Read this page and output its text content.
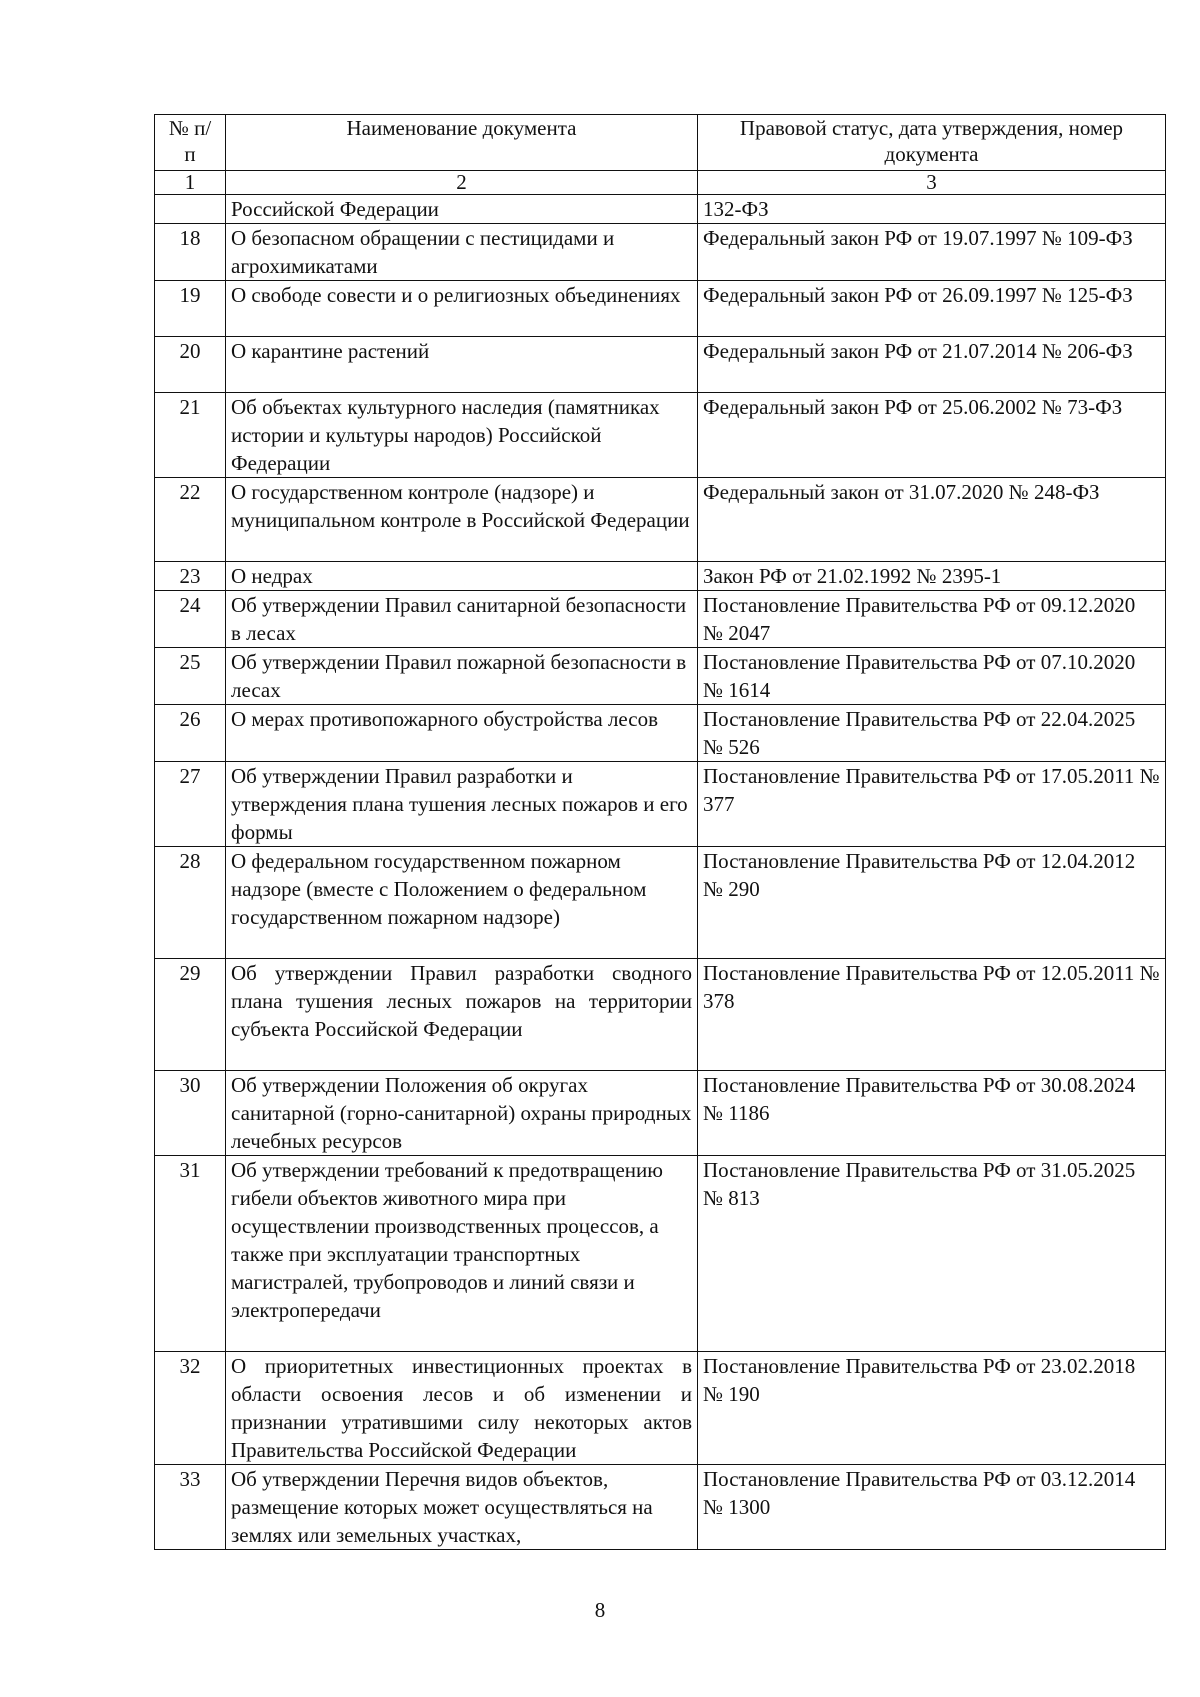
№ п/п	Наименование документа	Правовой статус, дата утверждения, номер документа
1	2	3
	Российской Федерации	132-ФЗ
18	О безопасном обращении с пестицидами и агрохимикатами	Федеральный закон РФ от 19.07.1997 № 109-ФЗ
19	О свободе совести и о религиозных объединениях	Федеральный закон РФ от 26.09.1997 № 125-ФЗ
20	О карантине растений	Федеральный закон РФ от 21.07.2014 № 206-ФЗ
21	Об объектах культурного наследия (памятниках истории и культуры народов) Российской Федерации	Федеральный закон РФ от 25.06.2002 № 73-ФЗ
22	О государственном контроле (надзоре) и муниципальном контроле в Российской Федерации	Федеральный закон от 31.07.2020 № 248-ФЗ
23	О недрах	Закон РФ от 21.02.1992 № 2395-1
24	Об утверждении Правил санитарной безопасности в лесах	Постановление Правительства РФ от 09.12.2020 № 2047
25	Об утверждении Правил пожарной безопасности в лесах	Постановление Правительства РФ от 07.10.2020 № 1614
26	О мерах противопожарного обустройства лесов	Постановление Правительства РФ от 22.04.2025 № 526
27	Об утверждении Правил разработки и утверждения плана тушения лесных пожаров и его формы	Постановление Правительства РФ от 17.05.2011 № 377
28	О федеральном государственном пожарном надзоре (вместе с Положением о федеральном государственном пожарном надзоре)	Постановление Правительства РФ от 12.04.2012 № 290
29	Об утверждении Правил разработки сводного плана тушения лесных пожаров на территории субъекта Российской Федерации	Постановление Правительства РФ от 12.05.2011 № 378
30	Об утверждении Положения об округах санитарной (горно-санитарной) охраны природных лечебных ресурсов	Постановление Правительства РФ от 30.08.2024 № 1186
31	Об утверждении требований к предотвращению гибели объектов животного мира при осуществлении производственных процессов, а также при эксплуатации транспортных магистралей, трубопроводов и линий связи и электропередачи	Постановление Правительства РФ от 31.05.2025 № 813
32	О приоритетных инвестиционных проектах в области освоения лесов и об изменении и признании утратившими силу некоторых актов Правительства Российской Федерации	Постановление Правительства РФ от 23.02.2018 № 190
33	Об утверждении Перечня видов объектов, размещение которых может осуществляться на землях или земельных участках,	Постановление Правительства РФ от 03.12.2014 № 1300
8
